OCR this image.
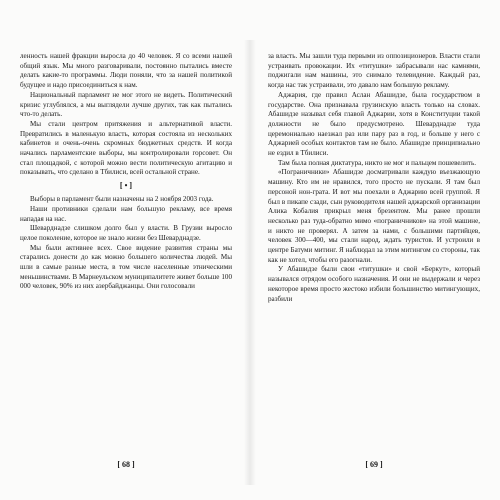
ленность нашей фракции выросла до 40 человек. Я со всеми нашей общий язык. Мы много разговаривали, постоянно пытались вместе делать какие-то программы. Люди поняли, что за нашей политикой будущее и надо присоединиться к нам.

Национальный парламент не мог этого не видеть. Политический кризис углублялся, а мы выглядели лучше других, так как пытались что-то делать.

Мы стали центром притяжения и альтернативой власти. Превратились в маленькую власть, которая состояла из нескольких кабинетов и очень-очень скромных бюджетных средств. И когда начались парламентские выборы, мы контролировали горсовет. Он стал площадкой, с которой можно вести политическую агитацию и показывать, что сделано в Тбилиси, всей остальной стране.

[ • ]

Выборы в парламент были назначены на 2 ноября 2003 года.

Наши противники сделали нам большую рекламу, все время нападая на нас.

Шеварднадзе слишком долго был у власти. В Грузии выросло целое поколение, которое не знало жизни без Шеварднадзе.

Мы были активнее всех. Свое видение развития страны мы старались донести до как можно большего количества людей. Мы шли в самые разные места, в том числе населенные этническими меньшинствами. В Марнеульском муниципалитете живет больше 100 000 человек, 90% из них азербайджанцы. Они голосовали

[ 68 ]

за власть. Мы зашли туда первыми из оппозиционеров. Власти стали устраивать провокации. Их «титушки» забрасывали нас камнями, поджигали нам машины, это снимало телевидение. Каждый раз, когда нас так устраивали, это давало нам большую рекламу.

Аджария, где правил Аслан Абашидзе, была государством в государстве. Она признавала грузинскую власть только на словах. Абашидзе называл себя главой Аджарии, хотя в Конституции такой должности не было предусмотрено. Шеварднадзе туда церемониально наезжал раз или пару раз в год, и больше у него с Аджарией особых контактов там не было. Абашидзе принципиально не ездил в Тбилиси.

Там была полная диктатура, никто не мог и пальцем пошевелить.

«Пограничники» Абашидзе досматривали каждую въезжающую машину. Кто им не нравился, того просто не пускали. Я там был персоной нон-грата. И вот мы поехали в Аджарию всей группой. Я был в пикапе сзади, сын руководителя нашей аджарской организации Алика Кобалия прикрыл меня брезентом. Мы ранее прошли несколько раз туда-обратно мимо «пограничников» на этой машине, и никто не проверял. А затем за нами, с большими партийцев, человек 300—400, мы стали народ, ждать туристов. И устроили в центре Батуми митинг. Я наблюдал за этим митингом со стороны, так как не хотел, чтобы его разогнали.

У Абашидзе были свои «титушки» и свой «Беркут», который назывался отрядом особого назначения. И они не выдержали и через некоторое время просто жестоко избили большинство митингующих, разбили

[ 69 ]
